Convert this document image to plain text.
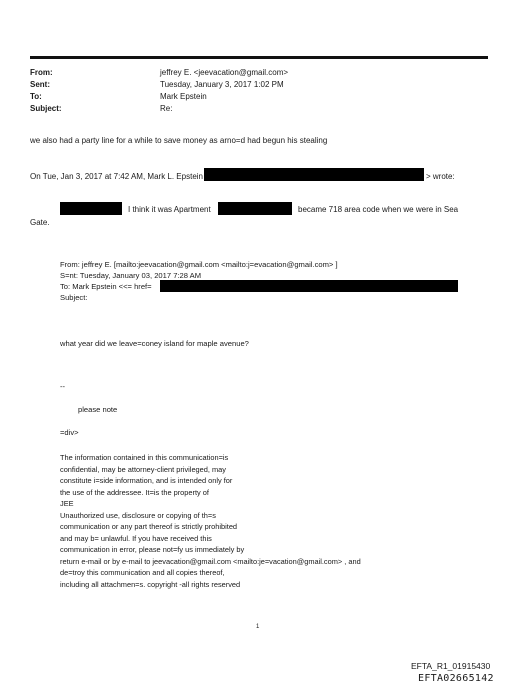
From:	jeffrey E. <jeevacation@gmail.com>
Sent:	Tuesday, January 3, 2017 1:02 PM
To:	Mark Epstein
Subject:	Re:
we also had a party line for a while to save money as arno=d had begun his stealing
On Tue, Jan 3, 2017 at 7:42 AM, Mark L. Epstein	> wrote:
I think it was Apartment	became 718 area code when we were in Sea
Gate.
From: jeffrey E. [mailto:jeevacation@gmail.com <mailto:j=evacation@gmail.com> ]
S=nt: Tuesday, January 03, 2017 7:28 AM
To: Mark Epstein <<= href=
Subject:
what year did we leave=coney island for maple avenue?
--
please note
=div>
The information contained in this communication=is
confidential, may be attorney-client privileged, may
constitute i=side information, and is intended only for
the use of the addressee. It=is the property of
JEE
Unauthorized use, disclosure or copying of th=s
communication or any part thereof is strictly prohibited
and may b= unlawful. If you have received this
communication in error, please not=fy us immediately by
return e-mail or by e-mail to jeevacation@gmail.com <mailto:je=vacation@gmail.com> , and
de=troy this communication and all copies thereof,
including all attachmen=s. copyright -all rights reserved
1
EFTA_R1_01915430
EFTA02665142
